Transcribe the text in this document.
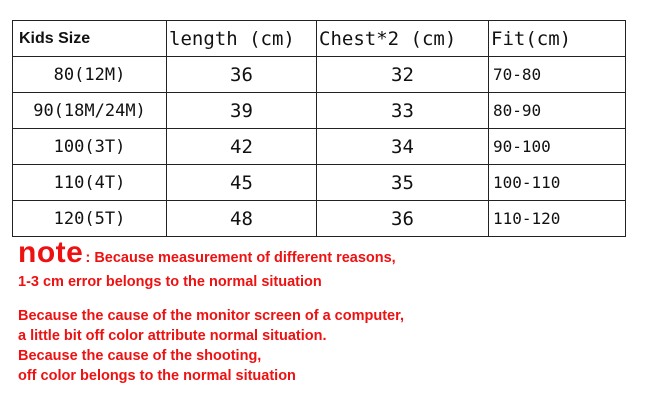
Kids Size	length (cm)	Chest*2 (cm)	Fit(cm)
80(12M)	36	32	70-80
90(18M/24M)	39	33	80-90
100(3T)	42	34	90-100
110(4T)	45	35	100-110
120(5T)	48	36	110-120
note : Because measurement of different reasons,
1-3 cm error belongs to the normal situation
Because the cause of the monitor screen of a computer,
a little bit off color attribute normal situation.
Because the cause of the shooting,
off color belongs to the normal situation
